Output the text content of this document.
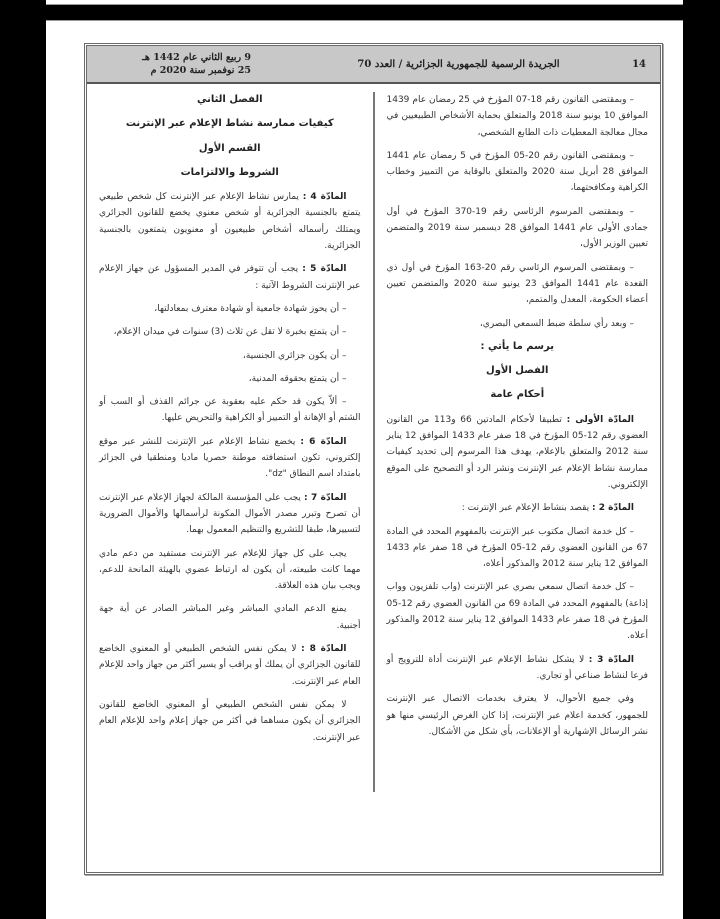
14
الجريدة الرسمية للجمهورية الجزائرية / العدد 70
9 ربيع الثاني عام 1442 هـ
25 نوفمبر سنة 2020 م

– وبمقتضى القانون رقم 18-07 المؤرخ في 25 رمضان عام 1439 الموافق 10 يونيو سنة 2018 والمتعلق بحماية الأشخاص الطبيعيين في مجال معالجة المعطيات ذات الطابع الشخصي،

– وبمقتضى القانون رقم 20-05 المؤرخ في 5 رمضان عام 1441 الموافق 28 أبريل سنة 2020 والمتعلق بالوقاية من التمييز وخطاب الكراهية ومكافحتهما،

– وبمقتضى المرسوم الرئاسي رقم 19-370 المؤرخ في أول جمادى الأولى عام 1441 الموافق 28 ديسمبر سنة 2019 والمتضمن تعيين الوزير الأول،

– وبمقتضى المرسوم الرئاسي رقم 20-163 المؤرخ في أول ذي القعدة عام 1441 الموافق 23 يونيو سنة 2020 والمتضمن تعيين أعضاء الحكومة، المعدل والمتمم،

– وبعد رأي سلطة ضبط السمعي البصري،

يرسم ما يأتي :

الفصل الأول

أحكام عامة

المادّة الأولى : تطبيقا لأحكام المادتين 66 و113 من القانون العضوي رقم 12-05 المؤرخ في 18 صفر عام 1433 الموافق 12 يناير سنة 2012 والمتعلق بالإعلام، يهدف هذا المرسوم إلى تحديد كيفيات ممارسة نشاط الإعلام عبر الإنترنت ونشر الرد أو التصحيح على الموقع الإلكتروني.

المادّة 2 : يقصد بنشاط الإعلام عبر الإنترنت :

– كل خدمة اتصال مكتوب عبر الإنترنت بالمفهوم المحدد في المادة 67 من القانون العضوي رقم 12-05 المؤرخ في 18 صفر عام 1433 الموافق 12 يناير سنة 2012 والمذكور أعلاه،

– كل خدمة اتصال سمعي بصري عبر الإنترنت (واب تلفزيون وواب إذاعة) بالمفهوم المحدد في المادة 69 من القانون العضوي رقم 12-05 المؤرخ في 18 صفر عام 1433 الموافق 12 يناير سنة 2012 والمذكور أعلاه.

المادّة 3 : لا يشكل نشاط الإعلام عبر الإنترنت أداة للترويج أو فرعا لنشاط صناعي أو تجاري.

وفي جميع الأحوال، لا يعترف بخدمات الاتصال عبر الإنترنت للجمهور، كخدمة اعلام عبر الإنترنت، إذا كان الغرض الرئيسي منها هو نشر الرسائل الإشهارية أو الإعلانات، بأي شكل من الأشكال.

الفصل الثاني

كيفيات ممارسة نشاط الإعلام عبر الإنترنت

القسم الأول

الشروط والالتزامات

المادّة 4 : يمارس نشاط الإعلام عبر الإنترنت كل شخص طبيعي يتمتع بالجنسية الجزائرية أو شخص معنوي يخضع للقانون الجزائري ويمتلك رأسماله أشخاص طبيعيون أو معنويون يتمتعون بالجنسية الجزائرية.

المادّة 5 : يجب أن تتوفر في المدير المسؤول عن جهاز الإعلام عبر الإنترنت الشروط الآتية :

– أن يحوز شهادة جامعية أو شهادة معترف بمعادلتها،

– أن يتمتع بخبرة لا تقل عن ثلاث (3) سنوات في ميدان الإعلام،

– أن يكون جزائري الجنسية،

– أن يتمتع بحقوقه المدنية،

– ألاّ يكون قد حكم عليه بعقوبة عن جرائم القذف أو السب أو الشتم أو الإهانة أو التمييز أو الكراهية والتحريض عليها.

المادّة 6 : يخضع نشاط الإعلام عبر الإنترنت للنشر عبر موقع إلكتروني، تكون استضافته موطنة حصريا ماديا ومنطقيا في الجزائر بامتداد اسم النطاق "dz".

المادّة 7 : يجب على المؤسسة المالكة لجهاز الإعلام عبر الإنترنت أن تصرح وتبرر مصدر الأموال المكونة لرأسمالها والأموال الضرورية لتسييرها، طبقا للتشريع والتنظيم المعمول بهما.

يجب على كل جهاز للإعلام عبر الإنترنت مستفيد من دعم مادي مهما كانت طبيعته، أن يكون له ارتباط عضوي بالهيئة المانحة للدعم، ويجب بيان هذه العلاقة.

يمنع الدعم المادي المباشر وغير المباشر الصادر عن أية جهة أجنبية.

المادّة 8 : لا يمكن نفس الشخص الطبيعي أو المعنوي الخاضع للقانون الجزائري أن يملك أو يراقب أو يسير أكثر من جهاز واحد للإعلام العام عبر الإنترنت.

لا يمكن نفس الشخص الطبيعي أو المعنوي الخاضع للقانون الجزائري أن يكون مساهما في أكثر من جهاز إعلام واحد للإعلام العام عبر الإنترنت.
